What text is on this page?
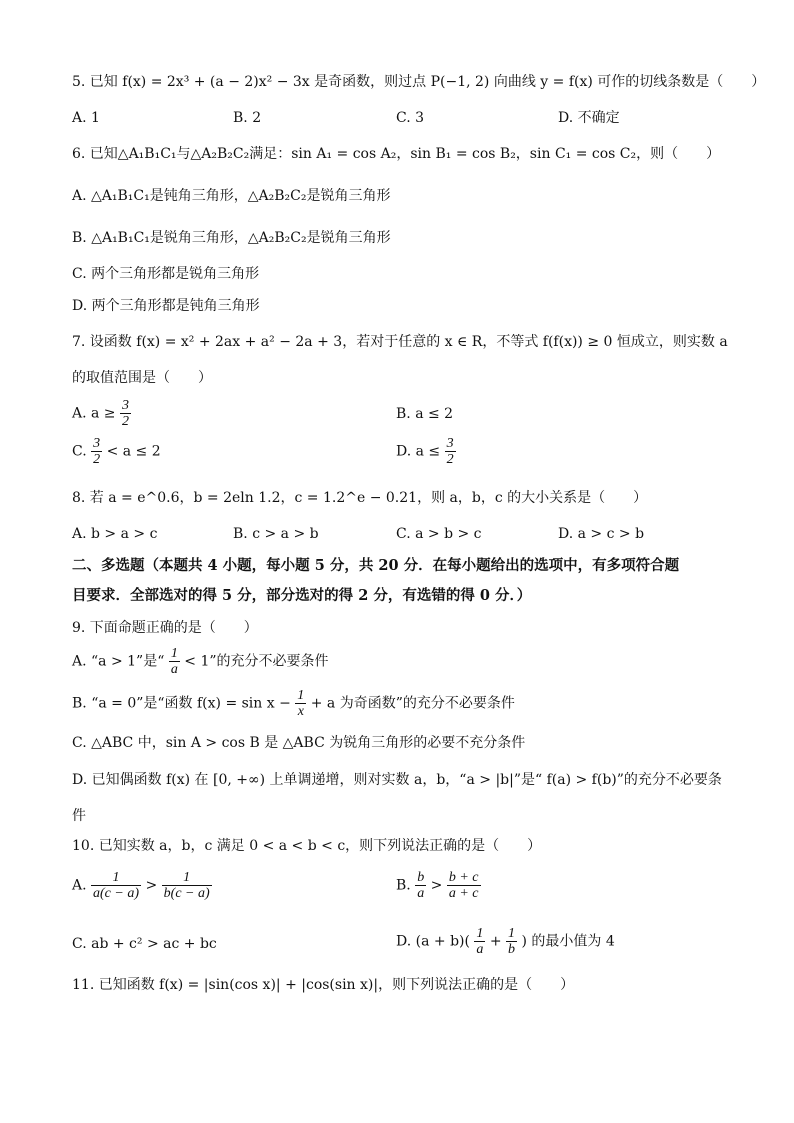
5. 已知 f(x) = 2x³ + (a − 2)x² − 3x 是奇函数，则过点 P(−1, 2) 向曲线 y = f(x) 可作的切线条数是（　　）
A. 1	B. 2	C. 3	D. 不确定
6. 已知△A₁B₁C₁与△A₂B₂C₂满足：sin A₁ = cos A₂，sin B₁ = cos B₂，sin C₁ = cos C₂，则（　　）
A. △A₁B₁C₁是钝角三角形，△A₂B₂C₂是锐角三角形
B. △A₁B₁C₁是锐角三角形，△A₂B₂C₂是锐角三角形
C. 两个三角形都是锐角三角形
D. 两个三角形都是钝角三角形
7. 设函数 f(x) = x² + 2ax + a² − 2a + 3，若对于任意的 x ∈ R，不等式 f(f(x)) ≥ 0 恒成立，则实数 a
的取值范围是（　　）
A. $a \ge \frac{3}{2}$	B. a ≤ 2
C. $\frac{3}{2} < a \le 2$	D. $a \le \frac{3}{2}$
8. 若 a = e^0.6，b = 2eln 1.2，c = 1.2^e − 0.21，则 a，b，c 的大小关系是（　　）
A. b > a > c	B. c > a > b	C. a > b > c	D. a > c > b
二、多选题（本题共 4 小题，每小题 5 分，共 20 分．在每小题给出的选项中，有多项符合题
目要求．全部选对的得 5 分，部分选对的得 2 分，有选错的得 0 分．）
9. 下面命题正确的是（　　）
A. “a > 1”是“ $\frac{1}{a} < 1$”的充分不必要条件
B. “a = 0”是“函数 $f(x) = \sin x - \frac{1}{x} + a$ 为奇函数”的充分不必要条件
C. △ABC 中，sin A > cos B 是 △ABC 为锐角三角形的必要不充分条件
D. 已知偶函数 f(x) 在 [0, +∞) 上单调递增，则对实数 a，b，“a > |b|”是“ f(a) > f(b)”的充分不必要条
件
10. 已知实数 a，b，c 满足 0 < a < b < c，则下列说法正确的是（　　）
A. $\frac{1}{a(c - a)} > \frac{1}{b(c - a)}$	B. $\frac{b}{a} > \frac{b + c}{a + c}$
C. ab + c² > ac + bc	D. $(a + b)( \frac{1}{a} + \frac{1}{b}$ ) 的最小值为 4
11. 已知函数 f(x) = |sin(cos x)| + |cos(sin x)|，则下列说法正确的是（　　）
